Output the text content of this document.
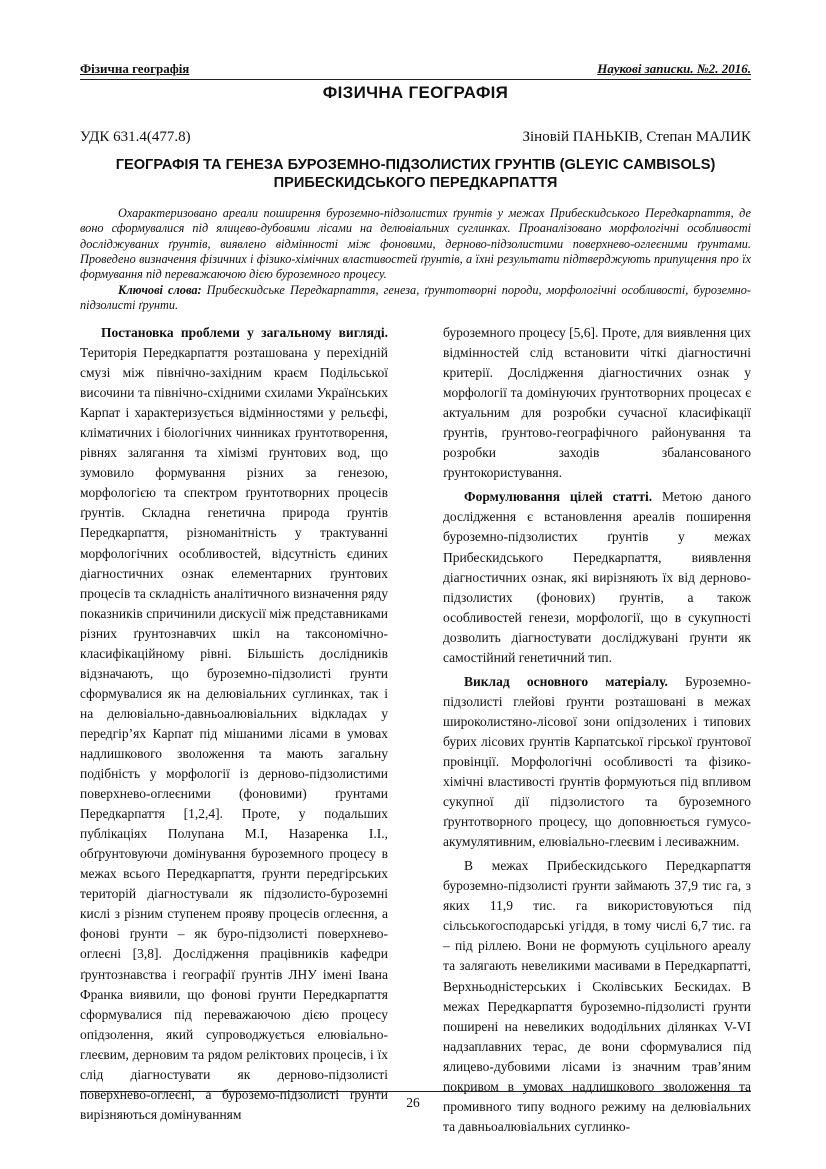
Фізична географія	Наукові записки. №2. 2016.
ФІЗИЧНА ГЕОГРАФІЯ
УДК 631.4(477.8)	Зіновій ПАНЬКІВ, Степан МАЛИК
ГЕОГРАФІЯ ТА ГЕНЕЗА БУРОЗЕМНО-ПІДЗОЛИСТИХ ГРУНТІВ (GLEYIC CAMBISOLS) ПРИБЕСКИДСЬКОГО ПЕРЕДКАРПАТТЯ

Охарактеризовано ареали поширення буроземно-підзолистих ґрунтів у межах Прибескидського Передкарпаття, де воно сформувалися під ялицево-дубовими лісами на делювіальних суглинках. Проаналізовано морфологічні особливості досліджуваних ґрунтів, виявлено відмінності між фоновими, дерново-підзолистими поверхнево-оглеєними ґрунтами. Проведено визначення фізичних і фізико-хімічних властивостей ґрунтів, а їхні результати підтверджують припущення про їх формування під переважаючою дією буроземного процесу.

Ключові слова: Прибескидське Передкарпаття, генеза, ґрунтотворні породи, морфологічні особливості, буроземно-підзолисті ґрунти.

Постановка проблеми у загальному вигляді. Територія Передкарпаття розташована у перехідній смузі між північно-західним краєм Подільської височини та північно-східними схилами Українських Карпат і характеризується відмінностями у рельєфі, кліматичних і біологічних чинниках ґрунтотворення, рівнях залягання та хімізмі ґрунтових вод, що зумовило формування різних за генезою, морфологією та спектром ґрунтотворних процесів ґрунтів. Складна генетична природа ґрунтів Передкарпаття, різноманітність у трактуванні морфологічних особливостей, відсутність єдиних діагностичних ознак елементарних ґрунтових процесів та складність аналітичного визначення ряду показників спричинили дискусії між представниками різних ґрунтознавчих шкіл на таксономічно-класифікаційному рівні. Більшість дослідників відзначають, що буроземно-підзолисті ґрунти сформувалися як на делювіальних суглинках, так і на делювіально-давньоалювіальних відкладах у передгір’ях Карпат під мішаними лісами в умовах надлишкового зволоження та мають загальну подібність у морфології із дерново-підзолистими поверхнево-оглеєними (фоновими) ґрунтами Передкарпаття [1,2,4]. Проте, у подальших публікаціях Полупана М.І, Назаренка І.І., обґрунтовуючи домінування буроземного процесу в межах всього Передкарпаття, ґрунти передгірських територій діагностували як підзолисто-буроземні кислі з різним ступенем прояву процесів оглеєння, а фонові ґрунти – як буро-підзолисті поверхнево-оглеєні [3,8]. Дослідження працівників кафедри ґрунтознавства і географії ґрунтів ЛНУ імені Івана Франка виявили, що фонові ґрунти Передкарпаття сформувалися під переважаючою дією процесу опідзолення, який супроводжується елювіально-глеєвим, дерновим та рядом реліктових процесів, і їх слід діагностувати як дерново-підзолисті поверхнево-оглеєні, а буроземо-підзолисті ґрунти вирізняються домінуванням

буроземного процесу [5,6]. Проте, для виявлення цих відмінностей слід встановити чіткі діагностичні критерії. Дослідження діагностичних ознак у морфології та домінуючих ґрунтотворних процесах є актуальним для розробки сучасної класифікації ґрунтів, ґрунтово-географічного районування та розробки заходів збалансованого ґрунтокористування.

Формулювання цілей статті. Метою даного дослідження є встановлення ареалів поширення буроземно-підзолистих ґрунтів у межах Прибескидського Передкарпаття, виявлення діагностичних ознак, які вирізняють їх від дерново-підзолистих (фонових) ґрунтів, а також особливостей генези, морфології, що в сукупності дозволить діагностувати досліджувані ґрунти як самостійний генетичний тип.

Виклад основного матеріалу. Буроземно-підзолисті глейові ґрунти розташовані в межах широколистяно-лісової зони опідзолених і типових бурих лісових ґрунтів Карпатської гірської ґрунтової провінції. Морфологічні особливості та фізико-хімічні властивості ґрунтів формуються під впливом сукупної дії підзолистого та буроземного ґрунтотворного процесу, що доповнюється гумусо-акумулятивним, елювіально-глеєвим і лесиважним.

В межах Прибескидського Передкарпаття буроземно-підзолисті ґрунти займають 37,9 тис га, з яких 11,9 тис. га використовуються під сільськогосподарські угіддя, в тому числі 6,7 тис. га – під ріллею. Вони не формують суцільного ареалу та залягають невеликими масивами в Передкарпатті, Верхньодністерських і Сколівських Бескидах. В межах Передкарпаття буроземно-підзолисті ґрунти поширені на невеликих вододільних ділянках V-VI надзаплавних терас, де вони сформувалися під ялицево-дубовими лісами із значним трав’яним покривом в умовах надлишкового зволоження та промивного типу водного режиму на делювіальних та давньоалювіальних суглинко-

26
